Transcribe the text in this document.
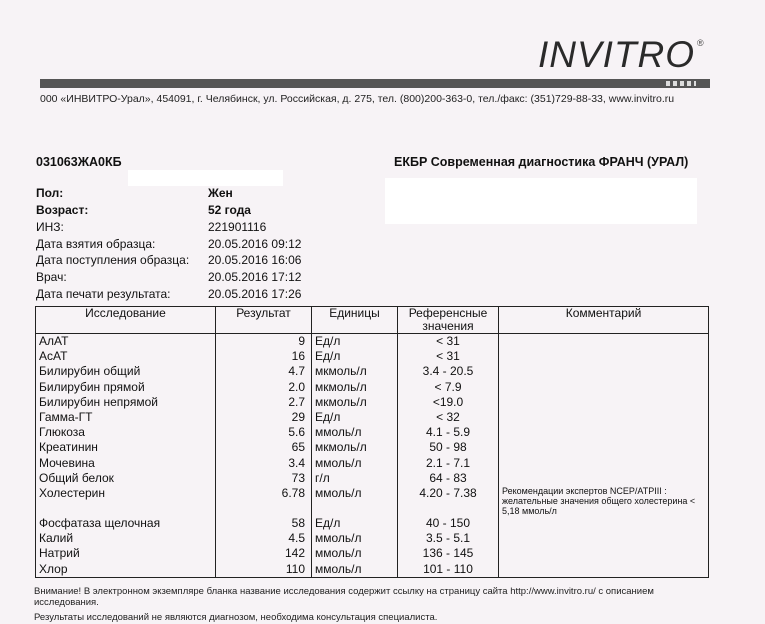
INVITRO ®
000 «ИНВИТРО-Урал», 454091, г. Челябинск, ул. Российская, д. 275, тел. (800)200-363-0, тел./факс: (351)729-88-33, www.invitro.ru
031063ЖА0КБ	ЕКБР Современная диагностика ФРАНЧ (УРАЛ)
Пол:	Жен
Возраст:	52 года
ИНЗ:	221901116
Дата взятия образца:	20.05.2016 09:12
Дата поступления образца: 20.05.2016 16:06
Врач:	20.05.2016 17:12
Дата печати результата:	20.05.2016 17:26
Исследование	Результат	Единицы	Референсные значения	Комментарий
АлАТ	9	Ед/л	< 31	
АсАТ	16	Ед/л	< 31	
Билирубин общий	4.7	мкмоль/л	3.4 - 20.5	
Билирубин прямой	2.0	мкмоль/л	< 7.9	
Билирубин непрямой	2.7	мкмоль/л	<19.0	
Гамма-ГТ	29	Ед/л	< 32	
Глюкоза	5.6	ммоль/л	4.1 - 5.9	
Креатинин	65	мкмоль/л	50 - 98	
Мочевина	3.4	ммоль/л	2.1 - 7.1	
Общий белок	73	г/л	64 - 83	
Холестерин	6.78	ммоль/л	4.20 - 7.38	Рекомендации экспертов NCEP/ATPIII : желательные значения общего холестерина < 5,18 ммоль/л
Фосфатаза щелочная	58	Ед/л	40 - 150	
Калий	4.5	ммоль/л	3.5 - 5.1	
Натрий	142	ммоль/л	136 - 145	
Хлор	110	ммоль/л	101 - 110	
Внимание! В электронном экземпляре бланка название исследования содержит ссылку на страницу сайта http://www.invitro.ru/ с описанием исследования.
Результаты исследований не являются диагнозом, необходима консультация специалиста.
